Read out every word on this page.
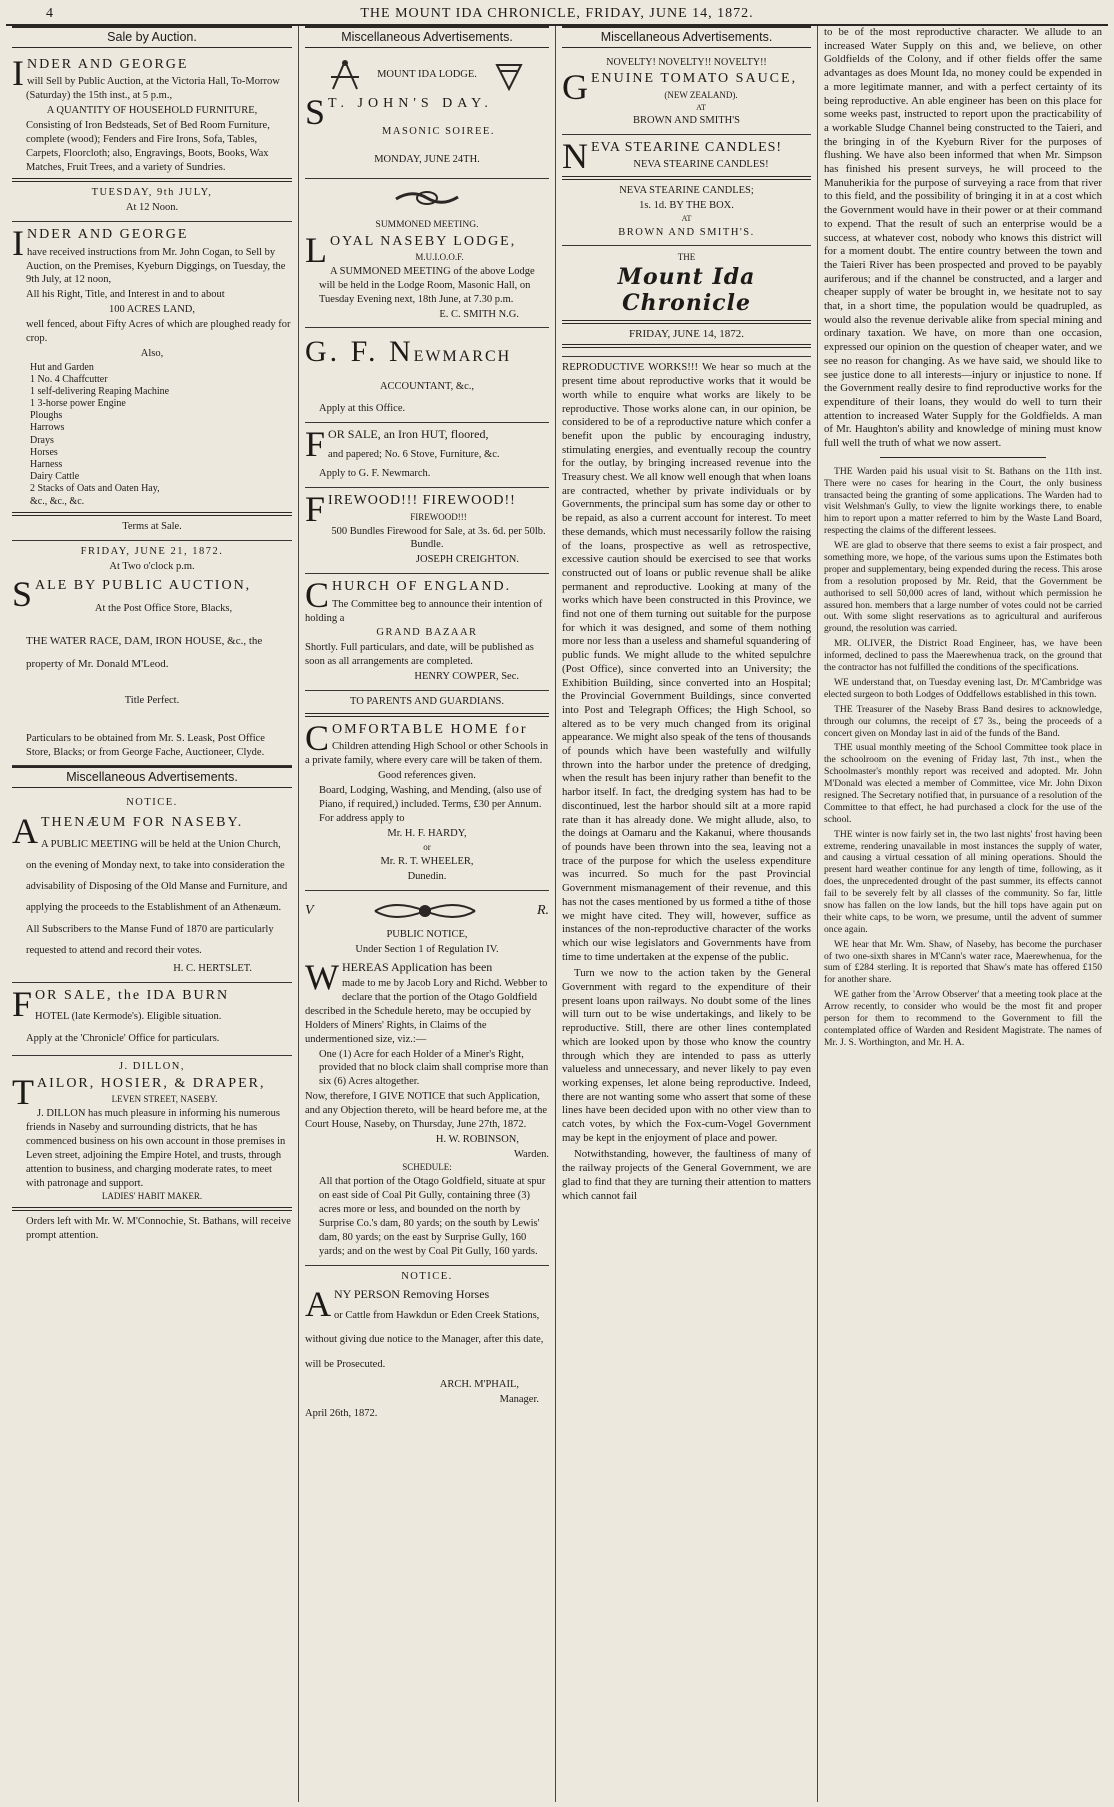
4	THE MOUNT IDA CHRONICLE, FRIDAY, JUNE 14, 1872.
Sale by Auction.

INDER AND GEORGE

will Sell by Public Auction, at the Victoria Hall, To-Morrow (Saturday) the 15th inst., at 5 p.m.,

A QUANTITY OF HOUSEHOLD FURNITURE,

Consisting of Iron Bedsteads, Set of Bed Room Furniture, complete (wood); Fenders and Fire Irons, Sofa, Tables, Carpets, Floorcloth; also, Engravings, Boots, Books, Wax Matches, Fruit Trees, and a variety of Sundries.

TUESDAY, 9th JULY,

At 12 Noon.

INDER AND GEORGE

have received instructions from Mr. John Cogan, to Sell by Auction, on the Premises, Kyeburn Diggings, on Tuesday, the 9th July, at 12 noon,

All his Right, Title, and Interest in and to about

100 ACRES LAND,

well fenced, about Fifty Acres of which are ploughed ready for crop.

Also,

Hut and Garden
1 No. 4 Chaffcutter
1 self-delivering Reaping Machine
1 3-horse power Engine
Ploughs
Harrows
Drays
Horses
Harness
Dairy Cattle
2 Stacks of Oats and Oaten Hay,
&c., &c., &c.

Terms at Sale.

FRIDAY, JUNE 21, 1872.

At Two o'clock p.m.

SALE BY PUBLIC AUCTION,

At the Post Office Store, Blacks,

THE WATER RACE, DAM, IRON HOUSE, &c., the property of Mr. Donald M'Leod.

Title Perfect.

Particulars to be obtained from Mr. S. Leask, Post Office Store, Blacks; or from George Fache, Auctioneer, Clyde.

Miscellaneous Advertisements.

NOTICE.

ATHENÆUM FOR NASEBY.

A PUBLIC MEETING will be held at the Union Church, on the evening of Monday next, to take into consideration the advisability of Disposing of the Old Manse and Furniture, and applying the proceeds to the Establishment of an Athenæum.

All Subscribers to the Manse Fund of 1870 are particularly requested to attend and record their votes.

H. C. HERTSLET.

FOR SALE, the IDA BURN

HOTEL (late Kermode's). Eligible situation.

Apply at the 'Chronicle' Office for particulars.

J. DILLON,

TAILOR, HOSIER, & DRAPER,

LEVEN STREET, NASEBY.

J. DILLON has much pleasure in informing his numerous friends in Naseby and surrounding districts, that he has commenced business on his own account in those premises in Leven street, adjoining the Empire Hotel, and trusts, through attention to business, and charging moderate rates, to meet with patronage and support.

LADIES' HABIT MAKER.

Orders left with Mr. W. M'Connochie, St. Bathans, will receive prompt attention.

Miscellaneous Advertisements.
MOUNT IDA LODGE.

S T. JOHN'S DAY.

MASONIC SOIREE.

MONDAY, JUNE 24TH.

SUMMONED MEETING.

LOYAL NASEBY LODGE,

M.U.I.O.O.F.

A SUMMONED MEETING of the above Lodge will be held in the Lodge Room, Masonic Hall, on Tuesday Evening next, 18th June, at 7.30 p.m.

E. C. SMITH N.G.

G. F. NEWMARCH

ACCOUNTANT, &c.,

Apply at this Office.

FOR SALE, an Iron HUT, floored,

and papered; No. 6 Stove, Furniture, &c.

Apply to G. F. Newmarch.

FIREWOOD!!! FIREWOOD!!

FIREWOOD!!!

500 Bundles Firewood for Sale, at 3s. 6d. per 50lb. Bundle.

JOSEPH CREIGHTON.

CHURCH OF ENGLAND.

The Committee beg to announce their intention of holding a

GRAND BAZAAR

Shortly. Full particulars, and date, will be published as soon as all arrangements are completed.

HENRY COWPER, Sec.

TO PARENTS AND GUARDIANS.

COMFORTABLE HOME for

Children attending High School or other Schools in a private family, where every care will be taken of them.

Good references given.

Board, Lodging, Washing, and Mending, (also use of Piano, if required,) included. Terms, £30 per Annum.

For address apply to

Mr. H. F. HARDY,

or

Mr. R. T. WHEELER,

Dunedin.

V	R.

PUBLIC NOTICE,

Under Section 1 of Regulation IV.

WHEREAS Application has been

made to me by Jacob Lory and Richd. Webber to declare that the portion of the Otago Goldfield described in the Schedule hereto, may be occupied by Holders of Miners' Rights, in Claims of the undermentioned size, viz.:—

One (1) Acre for each Holder of a Miner's Right, provided that no block claim shall comprise more than six (6) Acres altogether.

Now, therefore, I GIVE NOTICE that such Application, and any Objection thereto, will be heard before me, at the Court House, Naseby, on Thursday, June 27th, 1872.

H. W. ROBINSON,

Warden.

SCHEDULE:

All that portion of the Otago Goldfield, situate at spur on east side of Coal Pit Gully, containing three (3) acres more or less, and bounded on the north by Surprise Co.'s dam, 80 yards; on the south by Lewis' dam, 80 yards; on the east by Surprise Gully, 160 yards; and on the west by Coal Pit Gully, 160 yards.

NOTICE.

ANY PERSON Removing Horses

or Cattle from Hawkdun or Eden Creek Stations, without giving due notice to the Manager, after this date, will be Prosecuted.

ARCH. M'PHAIL,

Manager.

April 26th, 1872.

Miscellaneous Advertisements.

NOVELTY! NOVELTY!! NOVELTY!!

GENUINE TOMATO SAUCE,

(NEW ZEALAND).

AT

BROWN AND SMITH'S

NEVA STEARINE CANDLES!

NEVA STEARINE CANDLES!

NEVA STEARINE CANDLES;

1s. 1d. BY THE BOX.

AT

BROWN AND SMITH'S.

THE

Mount Ida Chronicle

FRIDAY, JUNE 14, 1872.

REPRODUCTIVE WORKS!!! We hear so much at the present time about reproductive works that it would be worth while to enquire what works are likely to be reproductive. Those works alone can, in our opinion, be considered to be of a reproductive nature which confer a benefit upon the public by encouraging industry, stimulating energies, and eventually recoup the country for the outlay, by bringing increased revenue into the Treasury chest. We all know well enough that when loans are contracted, whether by private individuals or by Governments, the principal sum has some day or other to be repaid, as also a current account for interest. To meet these demands, which must necessarily follow the raising of the loans, prospective as well as retrospective, excessive caution should be exercised to see that works constructed out of loans or public revenue shall be alike permanent and reproductive. Looking at many of the works which have been constructed in this Province, we find not one of them turning out suitable for the purpose for which it was designed, and some of them nothing more nor less than a useless and shameful squandering of public funds. We might allude to the whited sepulchre (Post Office), since converted into an University; the Exhibition Building, since converted into an Hospital; the Provincial Government Buildings, since converted into Post and Telegraph Offices; the High School, so altered as to be very much changed from its original appearance. We might also speak of the tens of thousands of pounds which have been wastefully and wilfully thrown into the harbor under the pretence of dredging, when the result has been injury rather than benefit to the harbor itself. In fact, the dredging system has had to be discontinued, lest the harbor should silt at a more rapid rate than it has already done. We might allude, also, to the doings at Oamaru and the Kakanui, where thousands of pounds have been thrown into the sea, leaving not a trace of the purpose for which the useless expenditure was incurred. So much for the past Provincial Government mismanagement of their revenue, and this has not the cases mentioned by us formed a tithe of those we might have cited. They will, however, suffice as instances of the non-reproductive character of the works which our wise legislators and Governments have from time to time undertaken at the expense of the public.

Turn we now to the action taken by the General Government with regard to the expenditure of their present loans upon railways. No doubt some of the lines will turn out to be wise undertakings, and likely to be reproductive. Still, there are other lines contemplated which are looked upon by those who know the country through which they are intended to pass as utterly valueless and unnecessary, and never likely to pay even working expenses, let alone being reproductive. Indeed, there are not wanting some who assert that some of these lines have been decided upon with no other view than to catch votes, by which the Fox-cum-Vogel Government may be kept in the enjoyment of place and power.

Notwithstanding, however, the faultiness of many of the railway projects of the General Government, we are glad to find that they are turning their attention to matters which cannot fail

to be of the most reproductive character. We allude to an increased Water Supply on this and, we believe, on other Goldfields of the Colony, and if other fields offer the same advantages as does Mount Ida, no money could be expended in a more legitimate manner, and with a perfect certainty of its being reproductive. An able engineer has been on this place for some weeks past, instructed to report upon the practicability of a workable Sludge Channel being constructed to the Taieri, and the bringing in of the Kyeburn River for the purposes of flushing. We have also been informed that when Mr. Simpson has finished his present surveys, he will proceed to the Manuherikia for the purpose of surveying a race from that river to this field, and the possibility of bringing it in at a cost which the Government would have in their power or at their command to expend. That the result of such an enterprise would be a success, at whatever cost, nobody who knows this district will for a moment doubt. The entire country between the town and the Taieri River has been prospected and proved to be payably auriferous; and if the channel be constructed, and a larger and cheaper supply of water be brought in, we hesitate not to say that, in a short time, the population would be quadrupled, as would also the revenue derivable alike from special mining and ordinary taxation. We have, on more than one occasion, expressed our opinion on the question of cheaper water, and we see no reason for changing. As we have said, we should like to see justice done to all interests—injury or injustice to none. If the Government really desire to find reproductive works for the expenditure of their loans, they would do well to turn their attention to increased Water Supply for the Goldfields. A man of Mr. Haughton's ability and knowledge of mining must know full well the truth of what we now assert.

THE Warden paid his usual visit to St. Bathans on the 11th inst. There were no cases for hearing in the Court, the only business transacted being the granting of some applications. The Warden had to visit Welshman's Gully, to view the lignite workings there, to enable him to report upon a matter referred to him by the Waste Land Board, respecting the claims of the different lessees.

WE are glad to observe that there seems to exist a fair prospect, and something more, we hope, of the various sums upon the Estimates both proper and supplementary, being expended during the recess. This arose from a resolution proposed by Mr. Reid, that the Government be authorised to sell 50,000 acres of land, without which permission he assured hon. members that a large number of votes could not be carried out. With some slight reservations as to agricultural and auriferous ground, the resolution was carried.

MR. OLIVER, the District Road Engineer, has, we have been informed, declined to pass the Maerewhenua track, on the ground that the contractor has not fulfilled the conditions of the specifications.

WE understand that, on Tuesday evening last, Dr. M'Cambridge was elected surgeon to both Lodges of Oddfellows established in this town.

THE Treasurer of the Naseby Brass Band desires to acknowledge, through our columns, the receipt of £7 3s., being the proceeds of a concert given on Monday last in aid of the funds of the Band.

THE usual monthly meeting of the School Committee took place in the schoolroom on the evening of Friday last, 7th inst., when the Schoolmaster's monthly report was received and adopted. Mr. John M'Donald was elected a member of Committee, vice Mr. John Dixon resigned. The Secretary notified that, in pursuance of a resolution of the Committee to that effect, he had purchased a clock for the use of the school.

THE winter is now fairly set in, the two last nights' frost having been extreme, rendering unavailable in most instances the supply of water, and causing a virtual cessation of all mining operations. Should the present hard weather continue for any length of time, following, as it does, the unprecedented drought of the past summer, its effects cannot fail to be severely felt by all classes of the community. So far, little snow has fallen on the low lands, but the hill tops have again put on their white caps, to be worn, we presume, until the advent of summer once again.

WE hear that Mr. Wm. Shaw, of Naseby, has become the purchaser of two one-sixth shares in M'Cann's water race, Maerewhenua, for the sum of £284 sterling. It is reported that Shaw's mate has offered £150 for another share.

WE gather from the 'Arrow Observer' that a meeting took place at the Arrow recently, to consider who would be the most fit and proper person for them to recommend to the Government to fill the contemplated office of Warden and Resident Magistrate. The names of Mr. J. S. Worthington, and Mr. H. A.
